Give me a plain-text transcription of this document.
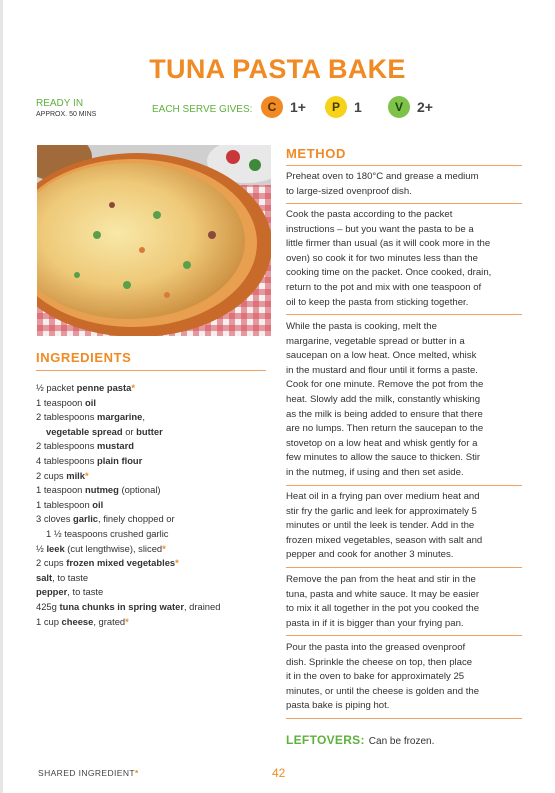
TUNA PASTA BAKE
READY IN
APPROX. 50 MINS	EACH SERVE GIVES:	C 1+	P	1	V	2+
INGREDIENTS
½ packet penne pasta*
1 teaspoon oil
2 tablespoons margarine,
vegetable spread or butter
2 tablespoons mustard
4 tablespoons plain flour
2 cups milk*
1 teaspoon nutmeg (optional)
1 tablespoon oil
3 cloves garlic, finely chopped or
1 ½ teaspoons crushed garlic
½ leek (cut lengthwise), sliced*
2 cups frozen mixed vegetables*
salt, to taste
pepper, to taste
425g tuna chunks in spring water, drained
1 cup cheese, grated*
METHOD
Preheat oven to 180°C and grease a medium
to large-sized ovenproof dish.
Cook the pasta according to the packet
instructions – but you want the pasta to be a
little firmer than usual (as it will cook more in the
oven) so cook it for two minutes less than the
cooking time on the packet. Once cooked, drain,
return to the pot and mix with one teaspoon of
oil to keep the pasta from sticking together.
While the pasta is cooking, melt the
margarine, vegetable spread or butter in a
saucepan on a low heat. Once melted, whisk
in the mustard and flour until it forms a paste.
Cook for one minute. Remove the pot from the
heat. Slowly add the milk, constantly whisking
as the milk is being added to ensure that there
are no lumps. Then return the saucepan to the
stovetop on a low heat and whisk gently for a
few minutes to allow the sauce to thicken. Stir
in the nutmeg, if using and then set aside.
Heat oil in a frying pan over medium heat and
stir fry the garlic and leek for approximately 5
minutes or until the leek is tender. Add in the
frozen mixed vegetables, season with salt and
pepper and cook for another 3 minutes.
Remove the pan from the heat and stir in the
tuna, pasta and white sauce. It may be easier
to mix it all together in the pot you cooked the
pasta in if it is bigger than your frying pan.
Pour the pasta into the greased ovenproof
dish. Sprinkle the cheese on top, then place
it in the oven to bake for approximately 25
minutes, or until the cheese is golden and the
pasta bake is piping hot.
LEFTOVERS: Can be frozen.
SHARED INGREDIENT*	42
